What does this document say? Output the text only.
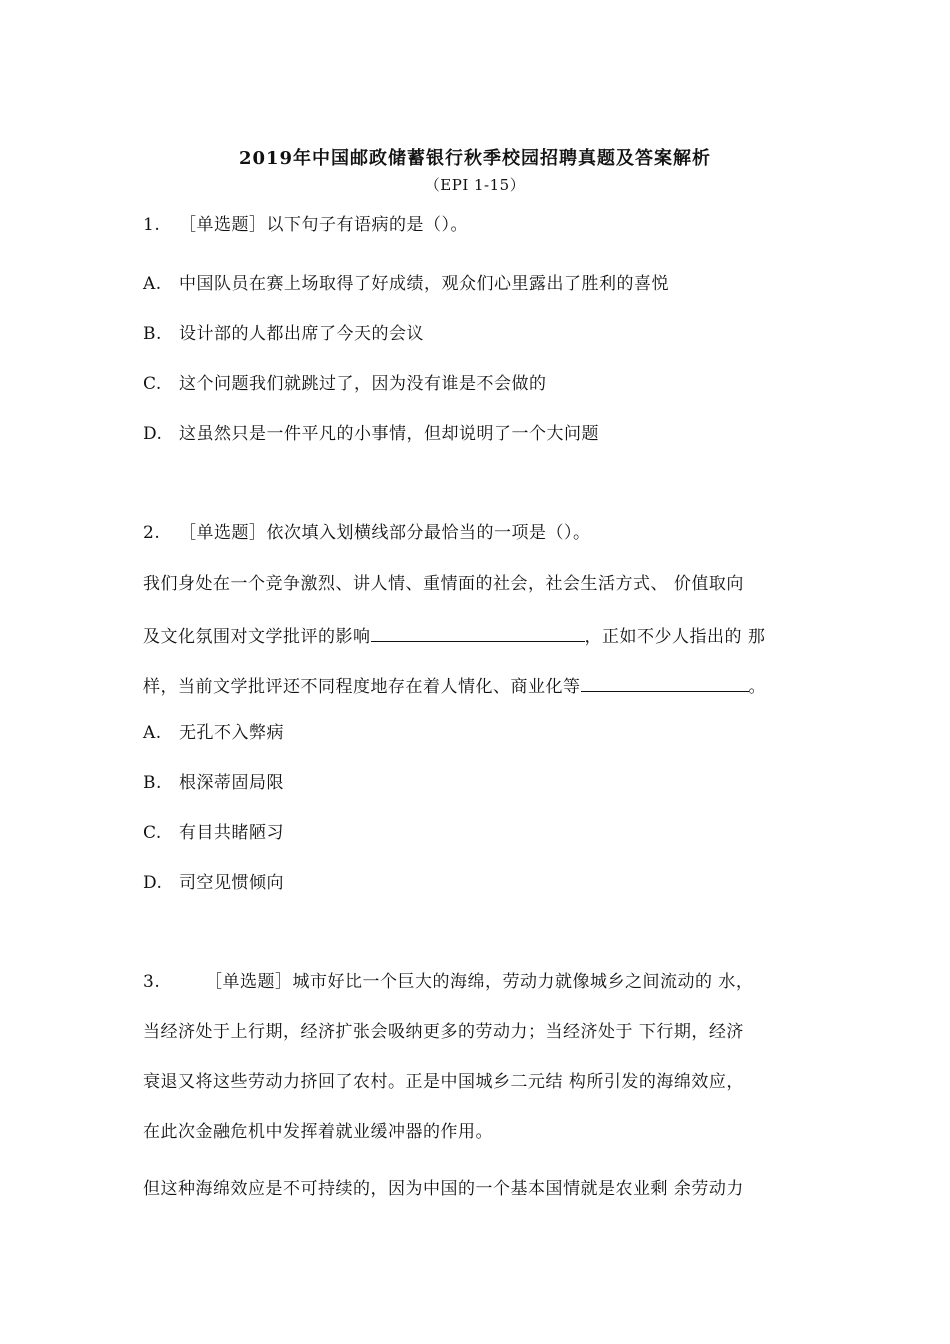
2019年中国邮政储蓄银行秋季校园招聘真题及答案解析
（EPI 1-15）
1. ［单选题］以下句子有语病的是（）。
A. 中国队员在赛上场取得了好成绩，观众们心里露出了胜利的喜悦
B. 设计部的人都出席了今天的会议
C. 这个问题我们就跳过了，因为没有谁是不会做的
D. 这虽然只是一件平凡的小事情，但却说明了一个大问题
2. ［单选题］依次填入划横线部分最恰当的一项是（）。
我们身处在一个竞争激烈、讲人情、重情面的社会，社会生活方式、 价值取向
及文化氛围对文学批评的影响	，正如不少人指出的 那
样，当前文学批评还不同程度地存在着人情化、商业化等	。
A. 无孔不入弊病
B. 根深蒂固局限
C. 有目共睹陋习
D. 司空见惯倾向
3.	［单选题］城市好比一个巨大的海绵，劳动力就像城乡之间流动的 水，
当经济处于上行期，经济扩张会吸纳更多的劳动力；当经济处于 下行期，经济
衰退又将这些劳动力挤回了农村。正是中国城乡二元结 构所引发的海绵效应，
在此次金融危机中发挥着就业缓冲器的作用。
但这种海绵效应是不可持续的，因为中国的一个基本国情就是农业剩 余劳动力
